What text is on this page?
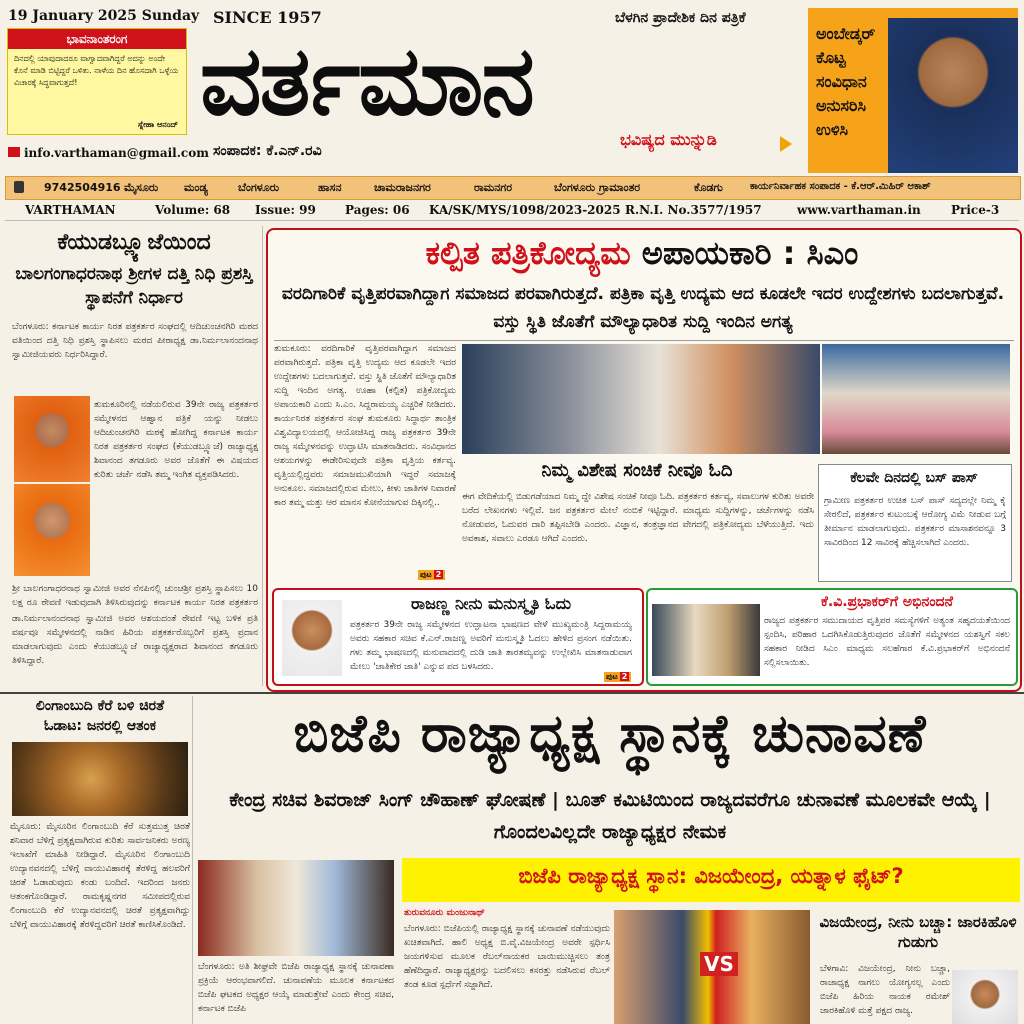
19 January 2025 Sunday SINCE 1957	ಬೆಳಗಿನ ಪ್ರಾದೇಶಿಕ ದಿನ ಪತ್ರಿಕೆ
ವರ್ತಮಾನ
ಭವಿಷ್ಯದ ಮುನ್ನುಡಿ
ಸಂಪಾದಕ: ಕೆ.ಎನ್.ರವಿ
ಭಾವನಾಂತರಂಗ
ದಿನದಲ್ಲಿ ಯಾವುದಾದರೂ ವಾಗ್ವಾದವಾಗಿದ್ದರೆ ಅದನ್ನು ಅಂದೇ ಕೊನೆ ಮಾಡಿ ಬಿಟ್ಟಿದ್ದರೆ ಒಳಿತು. ನಾಳೆಯ ದಿನ ಹೊಸದಾಗಿ ಒಳ್ಳೆಯ ವಿಚಾರಕ್ಕೆ ಸಿದ್ಧವಾಗುತ್ತದೆ!
ಸ್ನೇಹಾ ಆನಂದ್
info.varthaman@gmail.com
ಅಂಬೇಡ್ಕರ್
ಕೊಟ್ಟ
ಸಂವಿಧಾನ
ಅನುಸರಿಸಿ
ಉಳಿಸಿ
9742504916 ಮೈಸೂರು ಮಂಡ್ಯ	ಬೆಂಗಳೂರು	ಹಾಸನ	ಚಾಮರಾಜನಗರ	ರಾಮನಗರ	ಬೆಂಗಳೂರು ಗ್ರಾಮಾಂತರ	ಕೊಡಗು	ಕಾರ್ಯನಿರ್ವಾಹಕ ಸಂಪಾದಕ - ಕೆ.ಆರ್.ಮಿಹಿರ್ ಆಕಾಶ್
VARTHAMAN	Volume: 68 Issue: 99 Pages: 06 KA/SK/MYS/1098/2023-2025 R.N.I. No.3577/1957	www.varthaman.in	Price-3
ಕೆಯುಡಬ್ಲ್ಯೂಜೆಯಿಂದ
ಬಾಲಗಂಗಾಧರನಾಥ ಶ್ರೀಗಳ ದತ್ತಿ ನಿಧಿ ಪ್ರಶಸ್ತಿ ಸ್ಥಾಪನೆಗೆ ನಿರ್ಧಾರ
ಬೆಂಗಳೂರು: ಕರ್ನಾಟಕ ಕಾರ್ಯ ನಿರತ ಪತ್ರಕರ್ತರ ಸಂಘದಲ್ಲಿ ಆದಿಚುಂಚನಗಿರಿ ಮಠದ ವತಿಯಿಂದ ದತ್ತಿ ನಿಧಿ ಪ್ರಶಸ್ತಿ ಸ್ಥಾಪಿಸಲು ಮಠದ ಪೀಠಾಧ್ಯಕ್ಷ ಡಾ.ನಿರ್ಮಲಾನಂದನಾಥ ಸ್ವಾಮೀಜಿಯವರು ನಿರ್ಧರಿಸಿದ್ದಾರೆ.
ತುಮಕೂರಿನಲ್ಲಿ ನಡೆಯಲಿರುವ 39ನೇ ರಾಜ್ಯ ಪತ್ರಕರ್ತರ ಸಮ್ಮೇಳನದ ಆಹ್ವಾನ ಪತ್ರಿಕೆ ಯನ್ನು ನೀಡಲು ಆದಿಚುಂಚನಗಿರಿ ಮಠಕ್ಕೆ ಹೋಗಿದ್ದ ಕರ್ನಾಟಕ ಕಾರ್ಯ ನಿರತ ಪತ್ರಕರ್ತರ ಸಂಘದ (ಕೆಯುಡಬ್ಲ್ಯೂಜೆ) ರಾಜ್ಯಾಧ್ಯಕ್ಷ ಶಿವಾನಂದ ತಗಡೂರು ಅವರ ಜೊತೆಗೆ ಈ ವಿಷಯದ ಕುರಿತು ಚರ್ಚೆ ನಡೆಸಿ ತಮ್ಮ ಇಂಗಿತ ವ್ಯಕ್ತಪಡಿಸಿದರು.
ಶ್ರೀ ಬಾಲಗಂಗಾಧರನಾಥ ಸ್ವಾಮೀಜಿ ಅವರ ನೆನಪಿನಲ್ಲಿ ಚುಂಚಶ್ರೀ ಪ್ರಶಸ್ತಿ ಸ್ಥಾಪಿಸಲು 10 ಲಕ್ಷ ರೂ ಠೇವಣಿ ಇಡುವುದಾಗಿ ತಿಳಿಸಿರುವುದನ್ನು ಕರ್ನಾಟಕ ಕಾರ್ಯ ನಿರತ ಪತ್ರಕರ್ತರ
ಡಾ.ನಿರ್ಮಲಾನಂದನಾಥ ಸ್ವಾಮೀಜಿ ಅವರ ಆಶಯದಂತೆ ಠೇವಣಿ ಇಟ್ಟ ಬಳಿಕ ಪ್ರತಿ ವರ್ಷವೂ ಸಮ್ಮೇಳನದಲ್ಲಿ ನಾಡಿನ ಹಿರಿಯ ಪತ್ರಕರ್ತರೊಬ್ಬರಿಗೆ ಪ್ರಶಸ್ತಿ ಪ್ರದಾನ ಮಾಡಲಾಗುವುದು ಎಂದು ಕೆಯುಡಬ್ಲ್ಯೂಜೆ ರಾಜ್ಯಾಧ್ಯಕ್ಷರಾದ ಶಿವಾನಂದ ತಗಡೂರು ತಿಳಿಸಿದ್ದಾರೆ.
ಕಲ್ಪಿತ ಪತ್ರಿಕೋದ್ಯಮ ಅಪಾಯಕಾರಿ : ಸಿಎಂ
ವರದಿಗಾರಿಕೆ ವೃತ್ತಿಪರವಾಗಿದ್ದಾಗ ಸಮಾಜದ ಪರವಾಗಿರುತ್ತದೆ. ಪತ್ರಿಕಾ ವೃತ್ತಿ ಉದ್ಯಮ ಆದ ಕೂಡಲೇ ಇದರ ಉದ್ದೇಶಗಳು ಬದಲಾಗುತ್ತವೆ. ವಸ್ತು ಸ್ಥಿತಿ ಜೊತೆಗೆ ಮೌಲ್ಯಾಧಾರಿತ ಸುದ್ದಿ ಇಂದಿನ ಅಗತ್ಯ
ತುಮಕೂರು: ವರದಿಗಾರಿಕೆ ವೃತ್ತಿಪರವಾಗಿದ್ದಾಗ ಸಮಾಜದ ಪರವಾಗಿರುತ್ತದೆ. ಪತ್ರಿಕಾ ವೃತ್ತಿ ಉದ್ಯಮ ಆದ ಕೂಡಲೇ ಇದರ ಉದ್ದೇಶಗಳು ಬದಲಾಗುತ್ತವೆ. ವಸ್ತು ಸ್ಥಿತಿ ಜೊತೆಗೆ ಮೌಲ್ಯಾಧಾರಿತ ಸುದ್ದಿ ಇಂದಿನ ಅಗತ್ಯ. ಊಹಾ (ಕಲ್ಪಿತ) ಪತ್ರಿಕೋದ್ಯಮ ಅಪಾಯಕಾರಿ ಎಂದು ಸಿ.ಎಂ. ಸಿದ್ದರಾಮಯ್ಯ ಎಚ್ಚರಿಕೆ ನೀಡಿದರು. ಕಾರ್ಯನಿರತ ಪತ್ರಕರ್ತರ ಸಂಘ ತುಮಕೂರು ಸಿದ್ಧಾರ್ಥ ತಾಂತ್ರಿಕ ವಿಶ್ವವಿದ್ಯಾಲಯದಲ್ಲಿ ಆಯೋಜಿಸಿದ್ದ ರಾಜ್ಯ ಪತ್ರಕರ್ತರ 39ನೇ ರಾಜ್ಯ ಸಮ್ಮೇಳನವನ್ನು ಉದ್ಘಾಟಿಸಿ ಮಾತನಾಡಿದರು. ಸಂವಿಧಾನದ ಆಶಯಗಳನ್ನು ಈಡೇರಿಸುವುದೇ ಪತ್ರಿಕಾ ವೃತ್ತಿಯ ಕರ್ತವ್ಯ. ವೃತ್ತಿಯಲ್ಲಿದ್ದವರು ಸಮಾಜಮುಖಿಯಾಗಿ ಇದ್ದರೆ ಸಮಾಜಕ್ಕೆ ಅನುಕೂಲ. ಸಮಾಜದಲ್ಲಿರುವ ಮೇಲು, ಕೀಳು ಜಾತಿಗಳ ನಿವಾರಣೆ ಕಾರ ತಮ್ಮ ಮತ್ತು ಆರ ಮಾನಸ ಕೋನೆಯಾಗುವ ದಿಕ್ಕಿನಲ್ಲಿ..
ಪುಟ 2
ನಿಮ್ಮ ವಿಶೇಷ ಸಂಚಿಕೆ ನೀವೂ ಓದಿ
ಈಗ ವೇದಿಕೆಯಲ್ಲಿ ಬಿಡುಗಡೆಯಾದ ನಿಮ್ಮ ದ್ದೇ ವಿಶೇಷ ಸಂಚಿಕೆ ನೀವೂ ಓದಿ. ಪತ್ರಕರ್ತರ ಕರ್ತವ್ಯ, ಸವಾಲುಗಳ ಕುರಿತು ಅವರೇ ಬರೆದ ಲೇಖನಗಳು ಇಲ್ಲಿವೆ. ಜನ ಪತ್ರಕರ್ತರ ಮೇಲೆ ನಂಬಿಕೆ ಇಟ್ಟಿದ್ದಾರೆ. ಮಾಧ್ಯಮ ಸುದ್ದಿಗಳನ್ನು, ಚರ್ಚೆಗಳನ್ನು ನಡೆಸಿ ನೋಡುವರ, ಓದುವರ ದಾರಿ ತಪ್ಪಿಸಬೇಡಿ ಎಂದರು. ವಿಜ್ಞಾನ, ತಂತ್ರಜ್ಞಾನದ ವೇಗದಲ್ಲಿ ಪತ್ರಿಕೋದ್ಯಮ ಬೆಳೆಯುತ್ತಿದೆ. ಇದು ಅವಕಾಶ, ಸವಾಲು ಎರಡೂ ಆಗಿದೆ ಎಂದರು.
ಕೆಲವೇ ದಿನದಲ್ಲಿ ಬಸ್ ಪಾಸ್
ಗ್ರಾಮೀಣ ಪತ್ರಕರ್ತರ ಉಚಿತ ಬಸ್ ಪಾಸ್ ಸದ್ಯದಲ್ಲೇ ನಿಮ್ಮ ಕೈ ಸೇರಲಿದೆ, ಪತ್ರಕರ್ತರ ಕುಟುಂಬಕ್ಕೆ ಆರೋಗ್ಯ ವಿಮೆ ನೀಡುವ ಬಗ್ಗೆ ತೀರ್ಮಾನ ಮಾಡಲಾಗುವುದು. ಪತ್ರಕರ್ತರ ಮಾಸಾಶನವನ್ನೂ 3 ಸಾವಿರದಿಂದ 12 ಸಾವಿರಕ್ಕೆ ಹೆಚ್ಚಿಸಲಾಗಿದೆ ಎಂದರು.
ರಾಜಣ್ಣ ನೀನು ಮನುಸ್ಮೃತಿ ಓದು
ಪತ್ರಕರ್ತರ 39ನೇ ರಾಜ್ಯ ಸಮ್ಮೇಳನದ ಉದ್ಘಾಟನಾ ಭಾಷಣದ ವೇಳೆ ಮುಖ್ಯಮಂತ್ರಿ ಸಿದ್ದರಾಮಯ್ಯ ಅವರು ಸಹಕಾರ ಸಚಿವ ಕೆ.ಎನ್.ರಾಜಣ್ಣ ಅವರಿಗೆ ಮನುಸ್ಮೃತಿ ಓದಲು ಹೇಳಿದ ಪ್ರಸಂಗ ನಡೆಯಿತು. ಗಳು ತಮ್ಮ ಭಾಷಣದಲ್ಲಿ ಮನುವಾದದಲ್ಲಿ ದುಡಿ ಜಾತಿ ತಾರತಮ್ಯವನ್ನು ಉಲ್ಲೇಖಿಸಿ ಮಾತನಾಡುವಾಗ ಮೇಲು 'ಜಾತಿಕೇರ ಜಾತಿ' ಎನ್ನುವ ಪದ ಬಳಸಿದರು.
ಪುಟ 2
ಕೆ.ವಿ.ಪ್ರಭಾಕರ್‌ಗೆ ಅಭಿನಂದನೆ
ರಾಜ್ಯದ ಪತ್ರಕರ್ತರ ಸಮುದಾಯದ ವೃತ್ತಿಪರ ಸಮಸ್ಯೆಗಳಿಗೆ ಅತ್ಯಂತ ಸಹೃದಯತೆಯಿಂದ ಸ್ಪಂದಿಸಿ, ಪರಿಹಾರ ಒದಗಿಸಿಕೊಡುತ್ತಿರುವುದರ ಜೊತೆಗೆ ಸಮ್ಮೇಳನದ ಯಶಸ್ವಿಗೆ ಸಕಲ ಸಹಕಾರ ನೀಡಿದ ಸಿಎಂ ಮಾಧ್ಯಮ ಸಲಹೆಗಾರ ಕೆ.ವಿ.ಪ್ರಭಾಕರ್‌ಗೆ ಅಭಿನಂದನೆ ಸಲ್ಲಿಸಲಾಯಿತು.
ಲಿಂಗಾಂಬುದಿ ಕೆರೆ ಬಳಿ ಚಿರತೆ
ಓಡಾಟ: ಜನರಲ್ಲಿ ಆತಂಕ
ಮೈಸೂರು: ಮೈಸೂರಿನ ಲಿಂಗಾಂಬುದಿ ಕೆರೆ ಸುತ್ತಮುತ್ತ ಚಿರತೆ ಶನಿವಾರ ಬೆಳಿಗ್ಗೆ ಪ್ರತ್ಯಕ್ಷವಾಗಿರುವ ಕುರಿತು ಸಾರ್ವಜನಿಕರು ಅರಣ್ಯ ಇಲಾಖೆಗೆ ಮಾಹಿತಿ ನೀಡಿದ್ದಾರೆ. ಮೈಸೂರಿನ ಲಿಂಗಾಂಬುದಿ ಉದ್ಯಾನವನದಲ್ಲಿ ಬೆಳಿಗ್ಗೆ ವಾಯುವಿಹಾರಕ್ಕೆ ತೆರಳಿದ್ದ ಹಲವರಿಗೆ ಚಿರತೆ ಓಡಾಡುವುದು ಕಂಡು ಬಂದಿದೆ. ಇದರಿಂದ ಜನರು ಆತಂಕಗೊಂಡಿದ್ದಾರೆ. ರಾಮಕೃಷ್ಣನಗರ ಸಮೀಪದಲ್ಲಿರುವ ಲಿಂಗಾಂಬುದಿ ಕೆರೆ ಉದ್ಯಾನವನದಲ್ಲಿ ಚಿರತೆ ಪ್ರತ್ಯಕ್ಷವಾಗಿದ್ದು ಬೆಳಿಗ್ಗೆ ವಾಯುವಿಹಾರಕ್ಕೆ ತೆರಳಿದ್ದವರಿಗೆ ಚಿರತೆ ಕಾಣಿಸಿಕೊಂಡಿದೆ.
ಬಿಜೆಪಿ ರಾಜ್ಯಾಧ್ಯಕ್ಷ ಸ್ಥಾನಕ್ಕೆ ಚುನಾವಣೆ
ಕೇಂದ್ರ ಸಚಿವ ಶಿವರಾಜ್ ಸಿಂಗ್ ಚೌಹಾಣ್ ಘೋಷಣೆ | ಬೂತ್ ಕಮಿಟಿಯಿಂದ ರಾಜ್ಯದವರೆಗೂ ಚುನಾವಣೆ ಮೂಲಕವೇ ಆಯ್ಕೆ | ಗೊಂದಲವಿಲ್ಲದೇ ರಾಜ್ಯಾಧ್ಯಕ್ಷರ ನೇಮಕ
ಬೆಂಗಳೂರು: ಅತಿ ಶೀಘ್ರವೇ ಬಿಜೆಪಿ ರಾಜ್ಯಾಧ್ಯಕ್ಷ ಸ್ಥಾನಕ್ಕೆ ಚುನಾವಣಾ ಪ್ರಕ್ರಿಯೆ ಆರಂಭವಾಗಲಿದೆ. ಚುನಾವಣೆಯ ಮೂಲಕ ಕರ್ನಾಟಕದ ಬಿಜೆಪಿ ಘಟಕದ ಅಧ್ಯಕ್ಷರ ಆಯ್ಕೆ ಮಾಡುತ್ತೇವೆ ಎಂದು ಕೇಂದ್ರ ಸಚಿವ, ಕರ್ನಾಟಕ ಬಿಜೆಪಿ
ಬಿಜೆಪಿ ರಾಜ್ಯಾಧ್ಯಕ್ಷ ಸ್ಥಾನ: ವಿಜಯೇಂದ್ರ, ಯತ್ನಾಳ ಫೈಟ್?
ತುರುವನೂರು ಮಂಜುನಾಥ್
ಬೆಂಗಳೂರು: ಬಿಜೆಪಿಯಲ್ಲಿ ರಾಜ್ಯಾಧ್ಯಕ್ಷ ಸ್ಥಾನಕ್ಕೆ ಚುನಾವಣೆ ನಡೆಯುವುದು ಖಚಿತವಾಗಿದೆ. ಹಾಲಿ ಅಧ್ಯಕ್ಷ ಬಿ.ವೈ.ವಿಜಯೇಂದ್ರ ಅವರೇ ಸ್ಪರ್ಧಿಸಿ ಜಯಗಳಿಸುವ ಮೂಲಕ ರೆಬಲ್‌ನಾಯಕರ ಬಾಯಿಮುಚ್ಚಿಸಲು ತಂತ್ರ ಹೆಣೆದಿದ್ದಾರೆ. ರಾಜ್ಯಾಧ್ಯಕ್ಷರನ್ನು ಬದಲಿಸಲು ಕಸರತ್ತು ನಡೆಸಿರುವ ರೆಬಲ್ ತಂಡ ಕೂಡ ಸ್ಪರ್ಧೆಗೆ ಸಜ್ಜಾಗಿದೆ.
VS
ವಿಜಯೇಂದ್ರ, ನೀನು ಬಚ್ಚಾ: ಜಾರಕಿಹೊಳಿ ಗುಡುಗು
ಬೆಳಗಾವಿ: ವಿಜಯೇಂದ್ರ, ನೀನು ಬಚ್ಚಾ, ರಾಜಾಧ್ಯಕ್ಷ ನಾಗಲು ಯೋಗ್ಯನಲ್ಲ ಎಂದು ಬಿಜೆಪಿ ಹಿರಿಯ ನಾಯಕ ರಮೇಶ್ ಜಾರಕಿಹೊಳಿ ಮತ್ತೆ ಪಕ್ಷದ ರಾಜ್ಯ.
